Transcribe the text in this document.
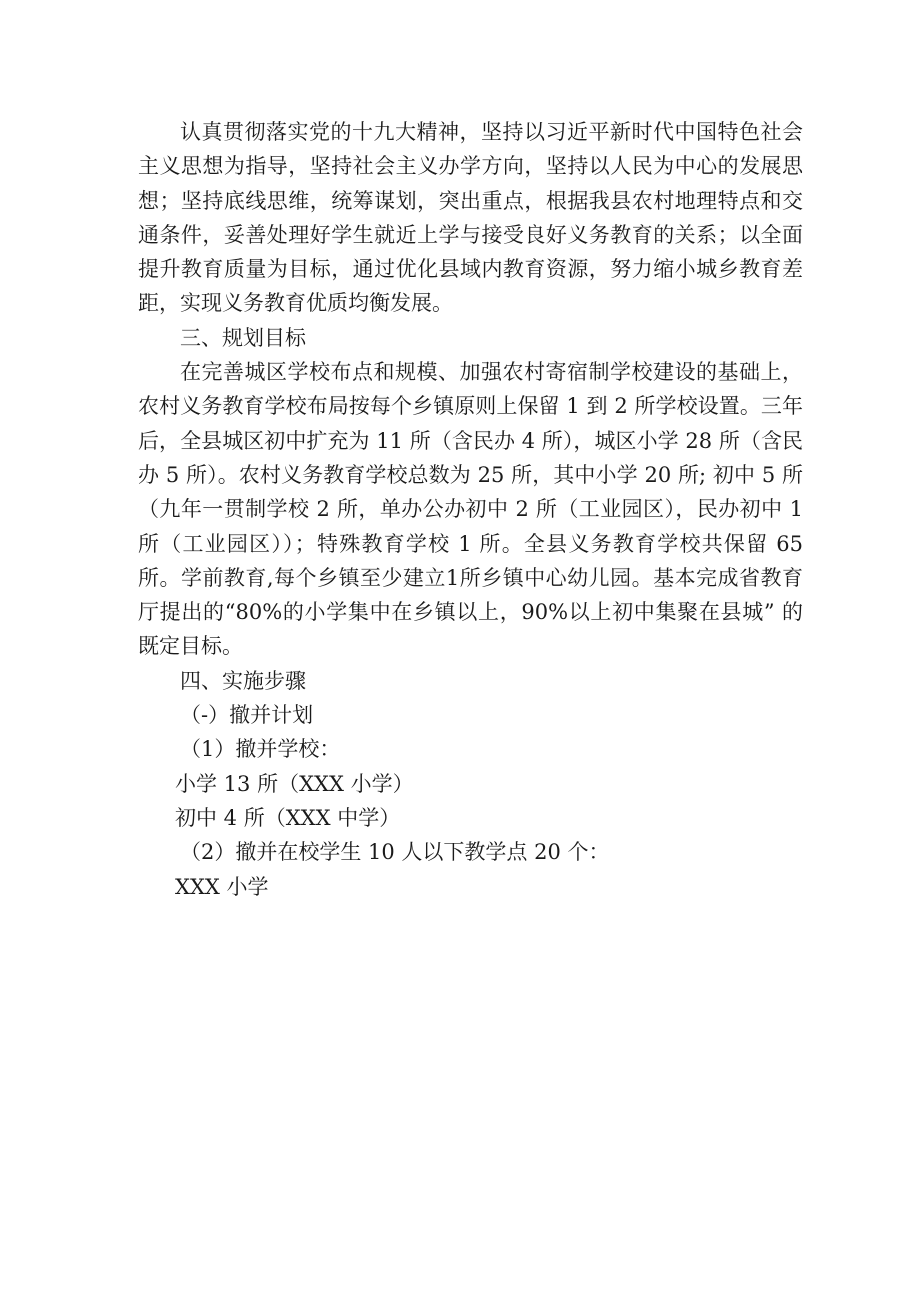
认真贯彻落实党的十九大精神，坚持以习近平新时代中国特色社会主义思想为指导，坚持社会主义办学方向，坚持以人民为中心的发展思想；坚持底线思维，统筹谋划，突出重点，根据我县农村地理特点和交通条件，妥善处理好学生就近上学与接受良好义务教育的关系；以全面提升教育质量为目标，通过优化县域内教育资源，努力缩小城乡教育差距，实现义务教育优质均衡发展。

三、规划目标

在完善城区学校布点和规模、加强农村寄宿制学校建设的基础上，农村义务教育学校布局按每个乡镇原则上保留 1 到 2 所学校设置。三年后，全县城区初中扩充为 11 所（含民办 4 所），城区小学 28 所（含民办 5 所）。农村义务教育学校总数为 25 所，其中小学 20 所; 初中 5 所（九年一贯制学校 2 所，单办公办初中 2 所（工业园区），民办初中 1 所（工业园区））；特殊教育学校 1 所。全县义务教育学校共保留 65 所。学前教育,每个乡镇至少建立1所乡镇中心幼儿园。基本完成省教育厅提出的“80%的小学集中在乡镇以上，90%以上初中集聚在县城” 的既定目标。

四、实施步骤

（-）撤并计划

（1）撤并学校：

小学 13 所（XXX 小学）

初中 4 所（XXX 中学）

（2）撤并在校学生 10 人以下教学点 20 个：

XXX 小学
